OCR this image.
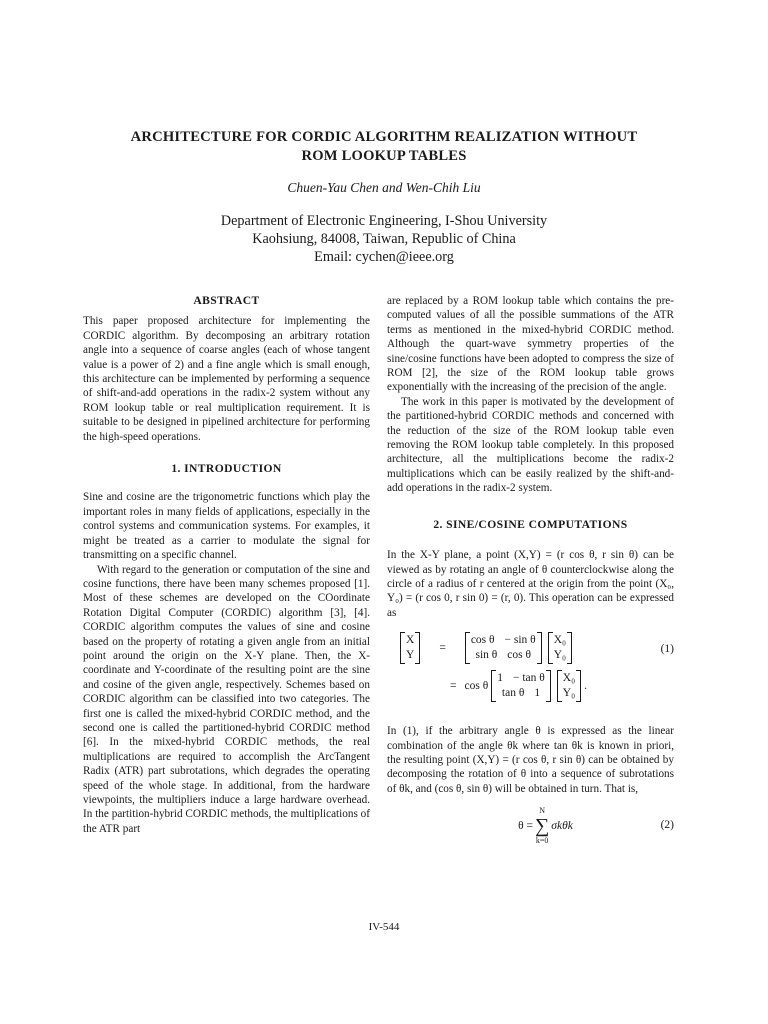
ARCHITECTURE FOR CORDIC ALGORITHM REALIZATION WITHOUT
ROM LOOKUP TABLES
Chuen-Yau Chen and Wen-Chih Liu
Department of Electronic Engineering, I-Shou University
Kaohsiung, 84008, Taiwan, Republic of China
Email: cychen@ieee.org
ABSTRACT

This paper proposed architecture for implementing the CORDIC algorithm. By decomposing an arbitrary rotation angle into a sequence of coarse angles (each of whose tangent value is a power of 2) and a fine angle which is small enough, this architecture can be implemented by performing a sequence of shift-and-add operations in the radix-2 system without any ROM lookup table or real multiplication requirement. It is suitable to be designed in pipelined architecture for performing the high-speed operations.

1. INTRODUCTION

Sine and cosine are the trigonometric functions which play the important roles in many fields of applications, especially in the control systems and communication systems. For examples, it might be treated as a carrier to modulate the signal for transmitting on a specific channel.

With regard to the generation or computation of the sine and cosine functions, there have been many schemes proposed [1]. Most of these schemes are developed on the COordinate Rotation Digital Computer (CORDIC) algorithm [3], [4]. CORDIC algorithm computes the values of sine and cosine based on the property of rotating a given angle from an initial point around the origin on the X-Y plane. Then, the X-coordinate and Y-coordinate of the resulting point are the sine and cosine of the given angle, respectively. Schemes based on CORDIC algorithm can be classified into two categories. The first one is called the mixed-hybrid CORDIC method, and the second one is called the partitioned-hybrid CORDIC method [6]. In the mixed-hybrid CORDIC methods, the real multiplications are required to accomplish the ArcTangent Radix (ATR) part subrotations, which degrades the operating speed of the whole stage. In additional, from the hardware viewpoints, the multipliers induce a large hardware overhead. In the partition-hybrid CORDIC methods, the multiplications of the ATR part

are replaced by a ROM lookup table which contains the pre-computed values of all the possible summations of the ATR terms as mentioned in the mixed-hybrid CORDIC method. Although the quart-wave symmetry properties of the sine/cosine functions have been adopted to compress the size of ROM [2], the size of the ROM lookup table grows exponentially with the increasing of the precision of the angle.

The work in this paper is motivated by the development of the partitioned-hybrid CORDIC methods and concerned with the reduction of the size of the ROM lookup table even removing the ROM lookup table completely. In this proposed architecture, all the multiplications become the radix-2 multiplications which can be easily realized by the shift-and-add operations in the radix-2 system.

2. SINE/COSINE COMPUTATIONS

In the X-Y plane, a point (X,Y) = (r cos θ, r sin θ) can be viewed as by rotating an angle of θ counterclockwise along the circle of a radius of r centered at the origin from the point (X₀, Y₀) = (r cos 0, r sin 0) = (r, 0). This operation can be expressed as

X
Y
=
cos θ − sin θ
sin θ cos θ
X₀
Y₀
= cos θ
1 − tan θ
tan θ 1
X₀
Y₀
.
(1)

In (1), if the arbitrary angle θ is expressed as the linear combination of the angle θk where tan θk is known in priori, the resulting point (X,Y) = (r cos θ, r sin θ) can be obtained by decomposing the rotation of θ into a sequence of subrotations of θk, and (cos θ, sin θ) will be obtained in turn. That is,

θ =
N
∑
k=0
σkθk	(2)
IV-544
